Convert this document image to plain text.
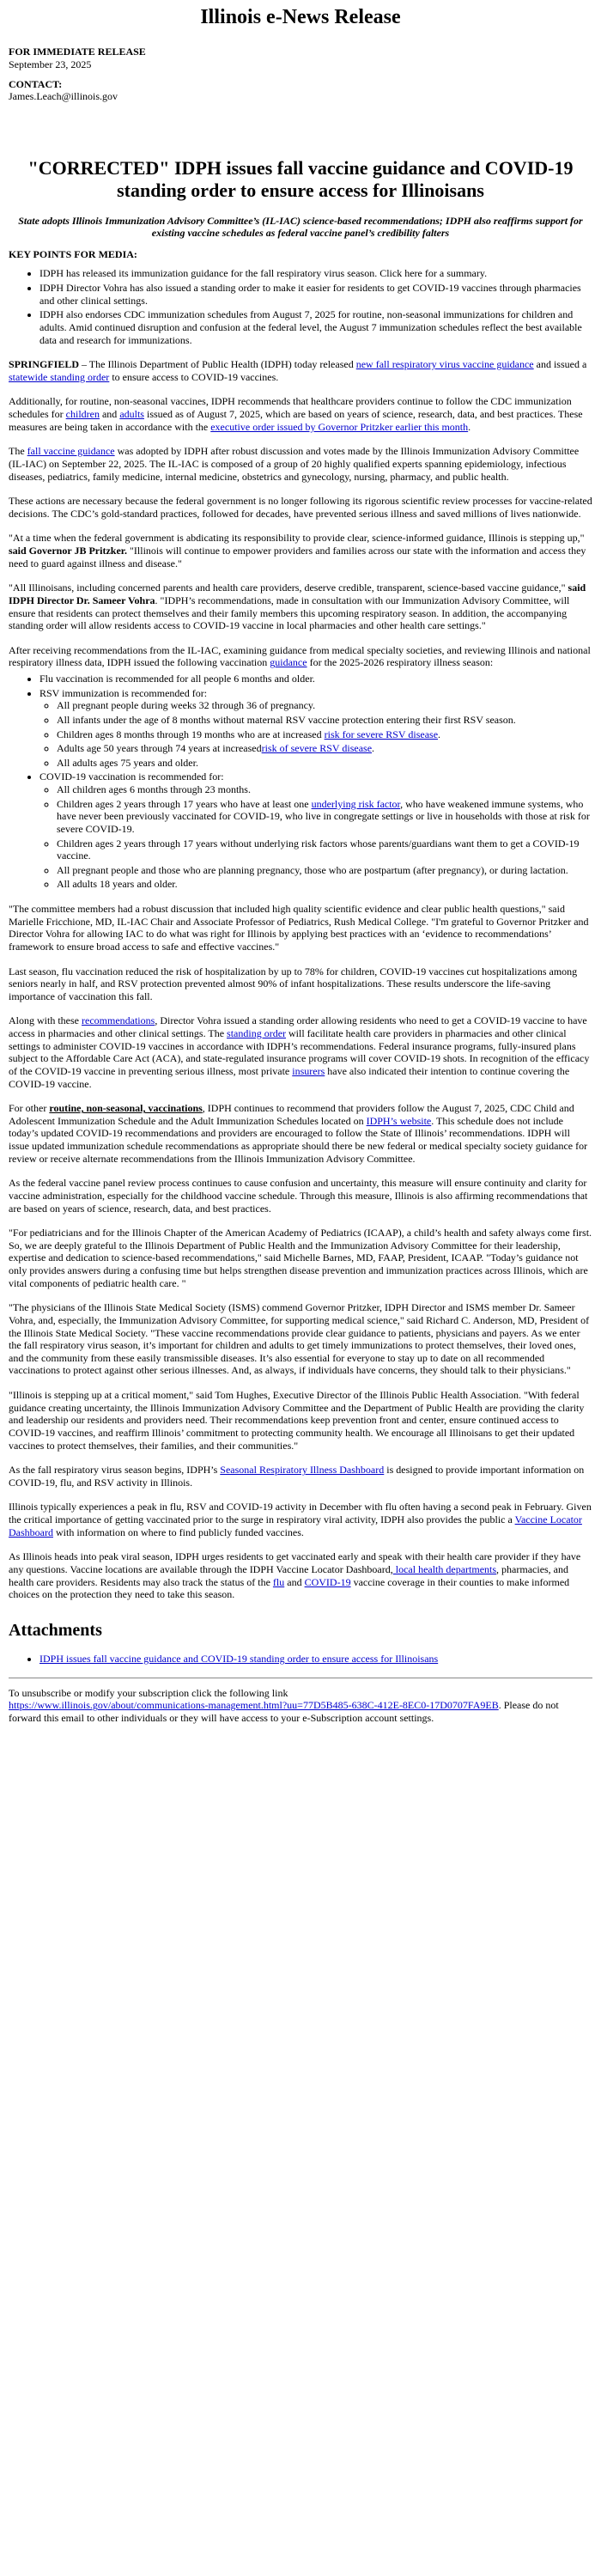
Illinois e-News Release
FOR IMMEDIATE RELEASE
September 23, 2025
CONTACT:
James.Leach@illinois.gov
"CORRECTED" IDPH issues fall vaccine guidance and COVID-19 standing order to ensure access for Illinoisans
State adopts Illinois Immunization Advisory Committee’s (IL-IAC) science-based recommendations; IDPH also reaffirms support for existing vaccine schedules as federal vaccine panel’s credibility falters
KEY POINTS FOR MEDIA:
• IDPH has released its immunization guidance for the fall respiratory virus season. Click here for a summary.
• IDPH Director Vohra has also issued a standing order to make it easier for residents to get COVID-19 vaccines through pharmacies and other clinical settings.
• IDPH also endorses CDC immunization schedules from August 7, 2025 for routine, non-seasonal immunizations for children and adults. Amid continued disruption and confusion at the federal level, the August 7 immunization schedules reflect the best available data and research for immunizations.

SPRINGFIELD – The Illinois Department of Public Health (IDPH) today released new fall respiratory virus vaccine guidance and issued a statewide standing order to ensure access to COVID-19 vaccines.

Additionally, for routine, non-seasonal vaccines, IDPH recommends that healthcare providers continue to follow the CDC immunization schedules for children and adults issued as of August 7, 2025, which are based on years of science, research, data, and best practices. These measures are being taken in accordance with the executive order issued by Governor Pritzker earlier this month.

The fall vaccine guidance was adopted by IDPH after robust discussion and votes made by the Illinois Immunization Advisory Committee (IL-IAC) on September 22, 2025. The IL-IAC is composed of a group of 20 highly qualified experts spanning epidemiology, infectious diseases, pediatrics, family medicine, internal medicine, obstetrics and gynecology, nursing, pharmacy, and public health.

These actions are necessary because the federal government is no longer following its rigorous scientific review processes for vaccine-related decisions. The CDC’s gold-standard practices, followed for decades, have prevented serious illness and saved millions of lives nationwide.

"At a time when the federal government is abdicating its responsibility to provide clear, science-informed guidance, Illinois is stepping up," said Governor JB Pritzker. "Illinois will continue to empower providers and families across our state with the information and access they need to guard against illness and disease."

"All Illinoisans, including concerned parents and health care providers, deserve credible, transparent, science-based vaccine guidance," said IDPH Director Dr. Sameer Vohra. "IDPH’s recommendations, made in consultation with our Immunization Advisory Committee, will ensure that residents can protect themselves and their family members this upcoming respiratory season. In addition, the accompanying standing order will allow residents access to COVID-19 vaccine in local pharmacies and other health care settings."

After receiving recommendations from the IL-IAC, examining guidance from medical specialty societies, and reviewing Illinois and national respiratory illness data, IDPH issued the following vaccination guidance for the 2025-2026 respiratory illness season:

• Flu vaccination is recommended for all people 6 months and older.
• RSV immunization is recommended for:
◦ All pregnant people during weeks 32 through 36 of pregnancy.
◦ All infants under the age of 8 months without maternal RSV vaccine protection entering their first RSV season.
◦ Children ages 8 months through 19 months who are at increased risk for severe RSV disease.
◦ Adults age 50 years through 74 years at increasedrisk of severe RSV disease.
◦ All adults ages 75 years and older.
• COVID-19 vaccination is recommended for:
◦ All children ages 6 months through 23 months.
◦ Children ages 2 years through 17 years who have at least one underlying risk factor, who have weakened immune systems, who have never been previously vaccinated for COVID-19, who live in congregate settings or live in households with those at risk for severe COVID-19.
◦ Children ages 2 years through 17 years without underlying risk factors whose parents/guardians want them to get a COVID-19 vaccine.
◦ All pregnant people and those who are planning pregnancy, those who are postpartum (after pregnancy), or during lactation.
◦ All adults 18 years and older.

"The committee members had a robust discussion that included high quality scientific evidence and clear public health questions," said Marielle Fricchione, MD, IL-IAC Chair and Associate Professor of Pediatrics, Rush Medical College. "I'm grateful to Governor Pritzker and Director Vohra for allowing IAC to do what was right for Illinois by applying best practices with an ‘evidence to recommendations’ framework to ensure broad access to safe and effective vaccines."

Last season, flu vaccination reduced the risk of hospitalization by up to 78% for children, COVID-19 vaccines cut hospitalizations among seniors nearly in half, and RSV protection prevented almost 90% of infant hospitalizations. These results underscore the life-saving importance of vaccination this fall.

Along with these recommendations, Director Vohra issued a standing order allowing residents who need to get a COVID-19 vaccine to have access in pharmacies and other clinical settings. The standing order will facilitate health care providers in pharmacies and other clinical settings to administer COVID-19 vaccines in accordance with IDPH’s recommendations. Federal insurance programs, fully-insured plans subject to the Affordable Care Act (ACA), and state-regulated insurance programs will cover COVID-19 shots. In recognition of the efficacy of the COVID-19 vaccine in preventing serious illness, most private insurers have also indicated their intention to continue covering the COVID-19 vaccine.

For other routine, non-seasonal, vaccinations, IDPH continues to recommend that providers follow the August 7, 2025, CDC Child and Adolescent Immunization Schedule and the Adult Immunization Schedules located on IDPH’s website. This schedule does not include today’s updated COVID-19 recommendations and providers are encouraged to follow the State of Illinois’ recommendations. IDPH will issue updated immunization schedule recommendations as appropriate should there be new federal or medical specialty society guidance for review or receive alternate recommendations from the Illinois Immunization Advisory Committee.

As the federal vaccine panel review process continues to cause confusion and uncertainty, this measure will ensure continuity and clarity for vaccine administration, especially for the childhood vaccine schedule. Through this measure, Illinois is also affirming recommendations that are based on years of science, research, data, and best practices.

"For pediatricians and for the Illinois Chapter of the American Academy of Pediatrics (ICAAP), a child’s health and safety always come first. So, we are deeply grateful to the Illinois Department of Public Health and the Immunization Advisory Committee for their leadership, expertise and dedication to science-based recommendations," said Michelle Barnes, MD, FAAP, President, ICAAP. "Today’s guidance not only provides answers during a confusing time but helps strengthen disease prevention and immunization practices across Illinois, which are vital components of pediatric health care. "

"The physicians of the Illinois State Medical Society (ISMS) commend Governor Pritzker, IDPH Director and ISMS member Dr. Sameer Vohra, and, especially, the Immunization Advisory Committee, for supporting medical science," said Richard C. Anderson, MD, President of the Illinois State Medical Society. "These vaccine recommendations provide clear guidance to patients, physicians and payers. As we enter the fall respiratory virus season, it’s important for children and adults to get timely immunizations to protect themselves, their loved ones, and the community from these easily transmissible diseases. It’s also essential for everyone to stay up to date on all recommended vaccinations to protect against other serious illnesses. And, as always, if individuals have concerns, they should talk to their physicians."

"Illinois is stepping up at a critical moment," said Tom Hughes, Executive Director of the Illinois Public Health Association. "With federal guidance creating uncertainty, the Illinois Immunization Advisory Committee and the Department of Public Health are providing the clarity and leadership our residents and providers need. Their recommendations keep prevention front and center, ensure continued access to COVID-19 vaccines, and reaffirm Illinois’ commitment to protecting community health. We encourage all Illinoisans to get their updated vaccines to protect themselves, their families, and their communities."

As the fall respiratory virus season begins, IDPH’s Seasonal Respiratory Illness Dashboard is designed to provide important information on COVID-19, flu, and RSV activity in Illinois.

Illinois typically experiences a peak in flu, RSV and COVID-19 activity in December with flu often having a second peak in February. Given the critical importance of getting vaccinated prior to the surge in respiratory viral activity, IDPH also provides the public a Vaccine Locator Dashboard with information on where to find publicly funded vaccines.

As Illinois heads into peak viral season, IDPH urges residents to get vaccinated early and speak with their health care provider if they have any questions. Vaccine locations are available through the IDPH Vaccine Locator Dashboard, local health departments, pharmacies, and health care providers. Residents may also track the status of the flu and COVID-19 vaccine coverage in their counties to make informed choices on the protection they need to take this season.

Attachments
• IDPH issues fall vaccine guidance and COVID-19 standing order to ensure access for Illinoisans
To unsubscribe or modify your subscription click the following link
https://www.illinois.gov/about/communications-management.html?uu=77D5B485-638C-412E-8EC0-17D0707FA9EB. Please do not forward this email to other individuals or they will have access to your e-Subscription account settings.
